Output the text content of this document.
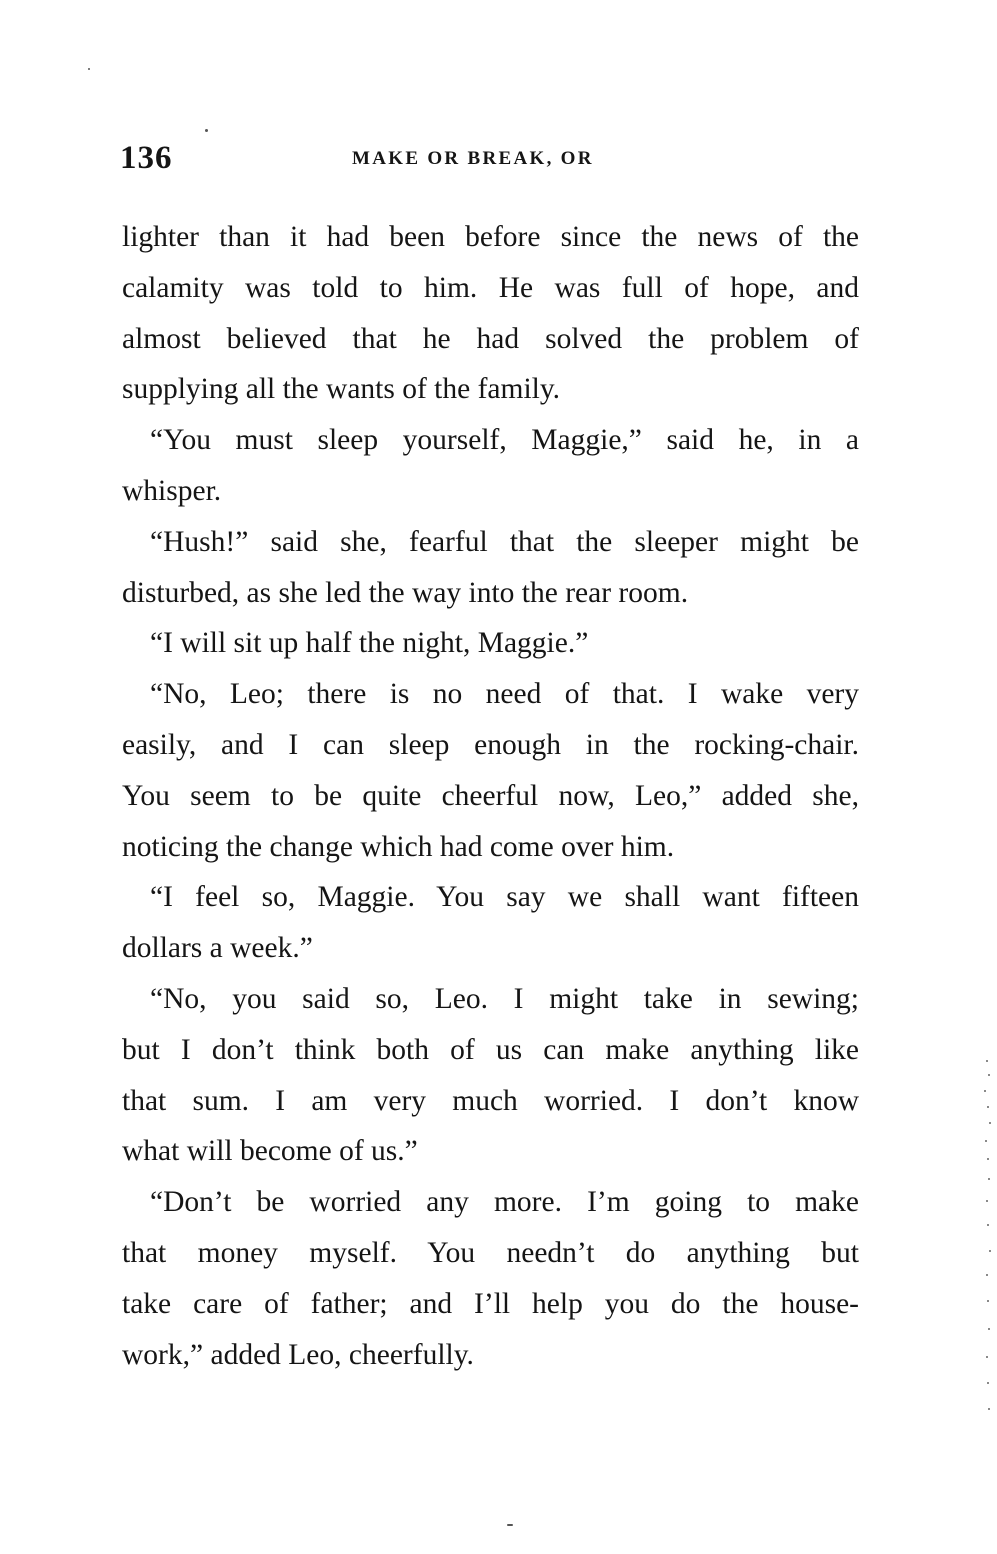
136	MAKE OR BREAK, OR
lighter than it had been before since the news of the
calamity was told to him. He was full of hope, and
almost believed that he had solved the problem of
supplying all the wants of the family.
“You must sleep yourself, Maggie,” said he, in a
whisper.
“Hush!” said she, fearful that the sleeper might be
disturbed, as she led the way into the rear room.
“I will sit up half the night, Maggie.”
“No, Leo; there is no need of that. I wake very
easily, and I can sleep enough in the rocking-chair.
You seem to be quite cheerful now, Leo,” added she,
noticing the change which had come over him.
“I feel so, Maggie. You say we shall want fifteen
dollars a week.”
“No, you said so, Leo. I might take in sewing;
but I don’t think both of us can make anything like
that sum. I am very much worried. I don’t know
what will become of us.”
“Don’t be worried any more. I’m going to make
that money myself. You needn’t do anything but
take care of father; and I’ll help you do the house-
work,” added Leo, cheerfully.
